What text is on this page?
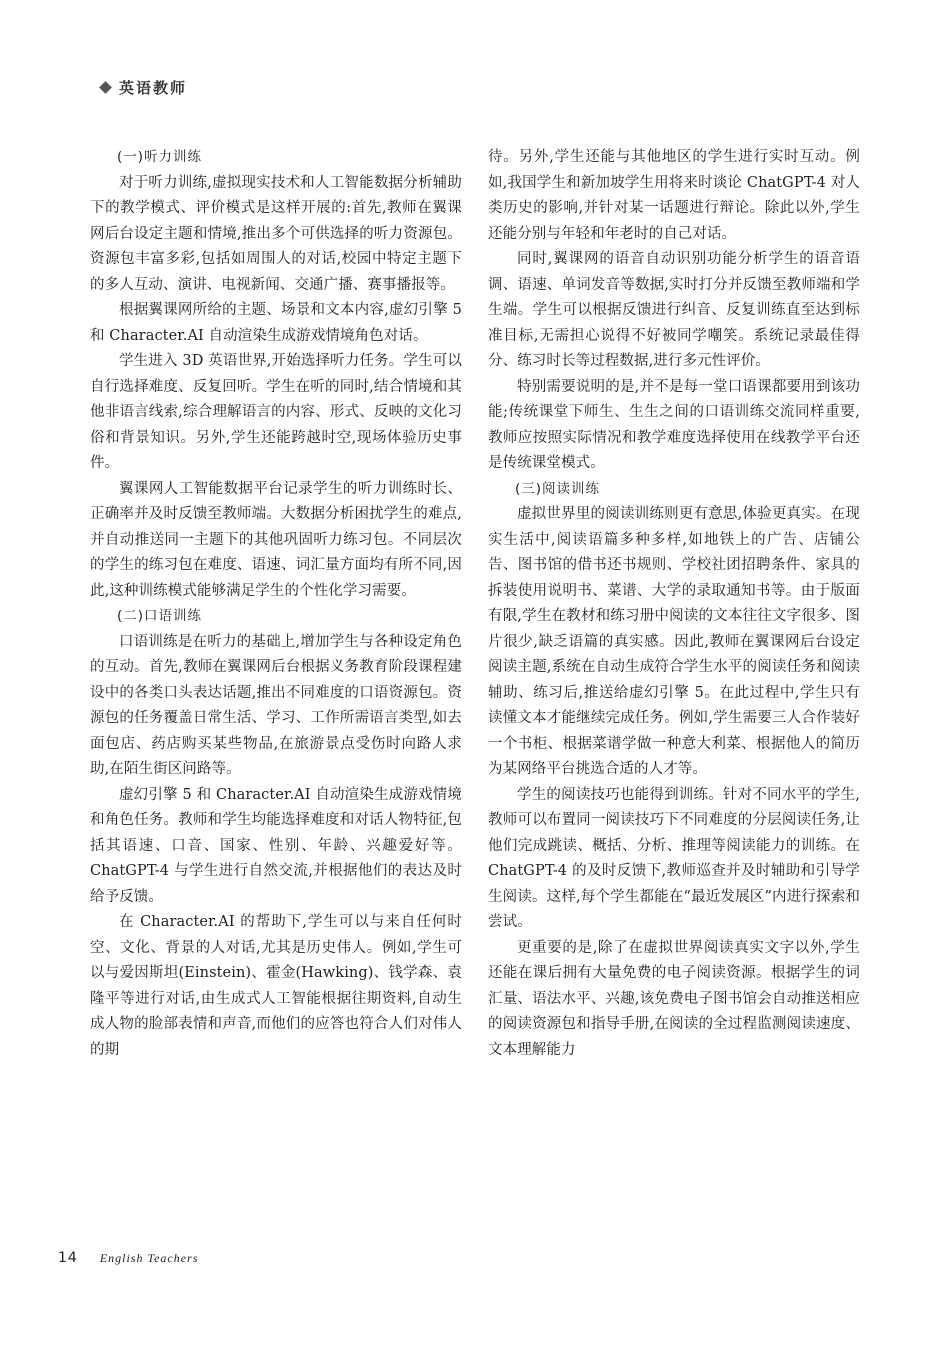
英语教师

(一)听力训练

对于听力训练,虚拟现实技术和人工智能数据分析辅助下的教学模式、评价模式是这样开展的:首先,教师在翼课网后台设定主题和情境,推出多个可供选择的听力资源包。资源包丰富多彩,包括如周围人的对话,校园中特定主题下的多人互动、演讲、电视新闻、交通广播、赛事播报等。

根据翼课网所给的主题、场景和文本内容,虚幻引擎 5 和 Character.AI 自动渲染生成游戏情境角色对话。

学生进入 3D 英语世界,开始选择听力任务。学生可以自行选择难度、反复回听。学生在听的同时,结合情境和其他非语言线索,综合理解语言的内容、形式、反映的文化习俗和背景知识。另外,学生还能跨越时空,现场体验历史事件。

翼课网人工智能数据平台记录学生的听力训练时长、正确率并及时反馈至教师端。大数据分析困扰学生的难点,并自动推送同一主题下的其他巩固听力练习包。不同层次的学生的练习包在难度、语速、词汇量方面均有所不同,因此,这种训练模式能够满足学生的个性化学习需要。

(二)口语训练

口语训练是在听力的基础上,增加学生与各种设定角色的互动。首先,教师在翼课网后台根据义务教育阶段课程建设中的各类口头表达话题,推出不同难度的口语资源包。资源包的任务覆盖日常生活、学习、工作所需语言类型,如去面包店、药店购买某些物品,在旅游景点受伤时向路人求助,在陌生街区问路等。

虚幻引擎 5 和 Character.AI 自动渲染生成游戏情境和角色任务。教师和学生均能选择难度和对话人物特征,包括其语速、口音、国家、性别、年龄、兴趣爱好等。ChatGPT-4 与学生进行自然交流,并根据他们的表达及时给予反馈。

在 Character.AI 的帮助下,学生可以与来自任何时空、文化、背景的人对话,尤其是历史伟人。例如,学生可以与爱因斯坦(Einstein)、霍金(Hawking)、钱学森、袁隆平等进行对话,由生成式人工智能根据往期资料,自动生成人物的脸部表情和声音,而他们的应答也符合人们对伟人的期

待。另外,学生还能与其他地区的学生进行实时互动。例如,我国学生和新加坡学生用将来时谈论 ChatGPT-4 对人类历史的影响,并针对某一话题进行辩论。除此以外,学生还能分别与年轻和年老时的自己对话。

同时,翼课网的语音自动识别功能分析学生的语音语调、语速、单词发音等数据,实时打分并反馈至教师端和学生端。学生可以根据反馈进行纠音、反复训练直至达到标准目标,无需担心说得不好被同学嘲笑。系统记录最佳得分、练习时长等过程数据,进行多元性评价。

特别需要说明的是,并不是每一堂口语课都要用到该功能;传统课堂下师生、生生之间的口语训练交流同样重要,教师应按照实际情况和教学难度选择使用在线教学平台还是传统课堂模式。

(三)阅读训练

虚拟世界里的阅读训练则更有意思,体验更真实。在现实生活中,阅读语篇多种多样,如地铁上的广告、店铺公告、图书馆的借书还书规则、学校社团招聘条件、家具的拆装使用说明书、菜谱、大学的录取通知书等。由于版面有限,学生在教材和练习册中阅读的文本往往文字很多、图片很少,缺乏语篇的真实感。因此,教师在翼课网后台设定阅读主题,系统在自动生成符合学生水平的阅读任务和阅读辅助、练习后,推送给虚幻引擎 5。在此过程中,学生只有读懂文本才能继续完成任务。例如,学生需要三人合作装好一个书柜、根据菜谱学做一种意大利菜、根据他人的简历为某网络平台挑选合适的人才等。

学生的阅读技巧也能得到训练。针对不同水平的学生,教师可以布置同一阅读技巧下不同难度的分层阅读任务,让他们完成跳读、概括、分析、推理等阅读能力的训练。在 ChatGPT-4 的及时反馈下,教师巡查并及时辅助和引导学生阅读。这样,每个学生都能在“最近发展区”内进行探索和尝试。

更重要的是,除了在虚拟世界阅读真实文字以外,学生还能在课后拥有大量免费的电子阅读资源。根据学生的词汇量、语法水平、兴趣,该免费电子图书馆会自动推送相应的阅读资源包和指导手册,在阅读的全过程监测阅读速度、文本理解能力

14 English Teachers
